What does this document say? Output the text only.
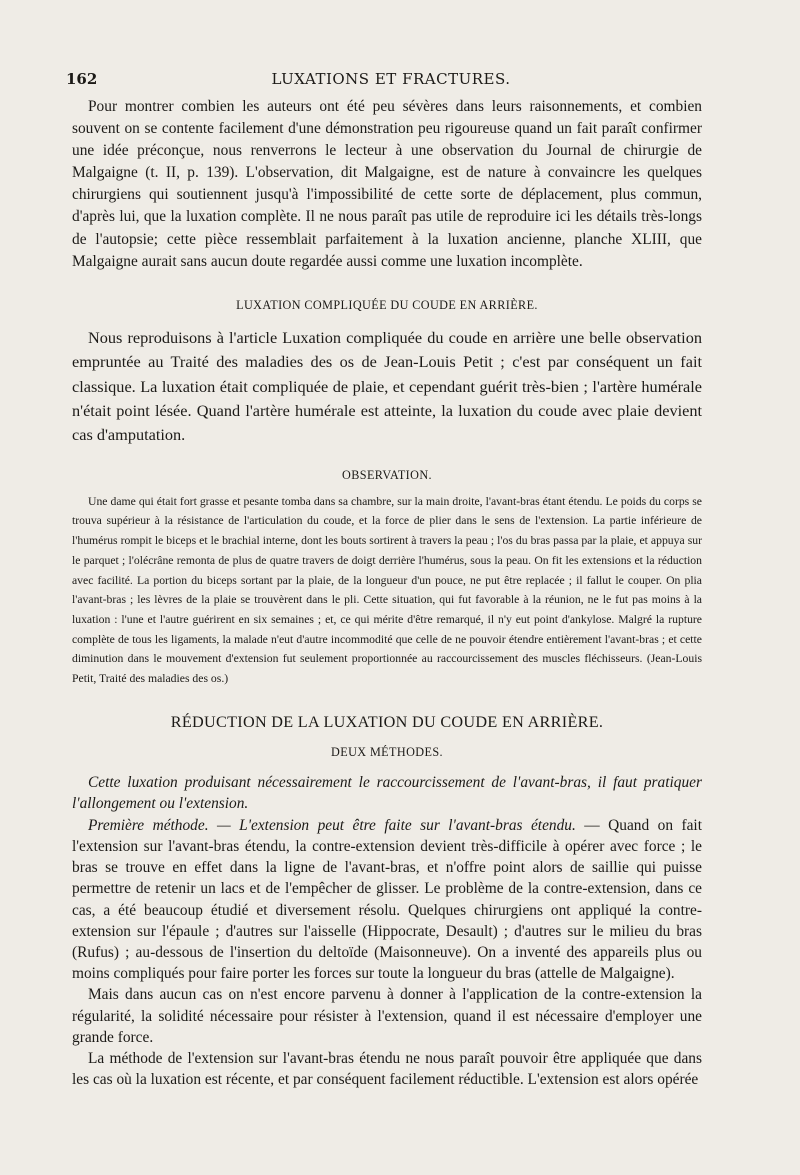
162	LUXATIONS ET FRACTURES.

Pour montrer combien les auteurs ont été peu sévères dans leurs raisonnements, et combien souvent on se contente facilement d'une démonstration peu rigoureuse quand un fait paraît confirmer une idée préconçue, nous renverrons le lecteur à une observation du Journal de chirurgie de Malgaigne (t. II, p. 139). L'observation, dit Malgaigne, est de nature à convaincre les quelques chirurgiens qui soutiennent jusqu'à l'impossibilité de cette sorte de déplacement, plus commun, d'après lui, que la luxation complète. Il ne nous paraît pas utile de reproduire ici les détails très-longs de l'autopsie; cette pièce ressemblait parfaitement à la luxation ancienne, planche XLIII, que Malgaigne aurait sans aucun doute regardée aussi comme une luxation incomplète.

LUXATION COMPLIQUÉE DU COUDE EN ARRIÈRE.

Nous reproduisons à l'article Luxation compliquée du coude en arrière une belle observation empruntée au Traité des maladies des os de Jean-Louis Petit ; c'est par conséquent un fait classique. La luxation était compliquée de plaie, et cependant guérit très-bien ; l'artère humérale n'était point lésée. Quand l'artère humérale est atteinte, la luxation du coude avec plaie devient cas d'amputation.

OBSERVATION.

Une dame qui était fort grasse et pesante tomba dans sa chambre, sur la main droite, l'avant-bras étant étendu. Le poids du corps se trouva supérieur à la résistance de l'articulation du coude, et la force de plier dans le sens de l'extension. La partie inférieure de l'humérus rompit le biceps et le brachial interne, dont les bouts sortirent à travers la peau ; l'os du bras passa par la plaie, et appuya sur le parquet ; l'olécrâne remonta de plus de quatre travers de doigt derrière l'humérus, sous la peau. On fit les extensions et la réduction avec facilité. La portion du biceps sortant par la plaie, de la longueur d'un pouce, ne put être replacée ; il fallut le couper. On plia l'avant-bras ; les lèvres de la plaie se trouvèrent dans le pli. Cette situation, qui fut favorable à la réunion, ne le fut pas moins à la luxation : l'une et l'autre guérirent en six semaines ; et, ce qui mérite d'être remarqué, il n'y eut point d'ankylose. Malgré la rupture complète de tous les ligaments, la malade n'eut d'autre incommodité que celle de ne pouvoir étendre entièrement l'avant-bras ; et cette diminution dans le mouvement d'extension fut seulement proportionnée au raccourcissement des muscles fléchisseurs. (Jean-Louis Petit, Traité des maladies des os.)

RÉDUCTION DE LA LUXATION DU COUDE EN ARRIÈRE.
DEUX MÉTHODES.

Cette luxation produisant nécessairement le raccourcissement de l'avant-bras, il faut pratiquer l'allongement ou l'extension.

Première méthode. — L'extension peut être faite sur l'avant-bras étendu. — Quand on fait l'extension sur l'avant-bras étendu, la contre-extension devient très-difficile à opérer avec force ; le bras se trouve en effet dans la ligne de l'avant-bras, et n'offre point alors de saillie qui puisse permettre de retenir un lacs et de l'empêcher de glisser. Le problème de la contre-extension, dans ce cas, a été beaucoup étudié et diversement résolu. Quelques chirurgiens ont appliqué la contre-extension sur l'épaule ; d'autres sur l'aisselle (Hippocrate, Desault) ; d'autres sur le milieu du bras (Rufus) ; au-dessous de l'insertion du deltoïde (Maisonneuve). On a inventé des appareils plus ou moins compliqués pour faire porter les forces sur toute la longueur du bras (attelle de Malgaigne).

Mais dans aucun cas on n'est encore parvenu à donner à l'application de la contre-extension la régularité, la solidité nécessaire pour résister à l'extension, quand il est nécessaire d'employer une grande force.

La méthode de l'extension sur l'avant-bras étendu ne nous paraît pouvoir être appliquée que dans les cas où la luxation est récente, et par conséquent facilement réductible. L'extension est alors opérée
